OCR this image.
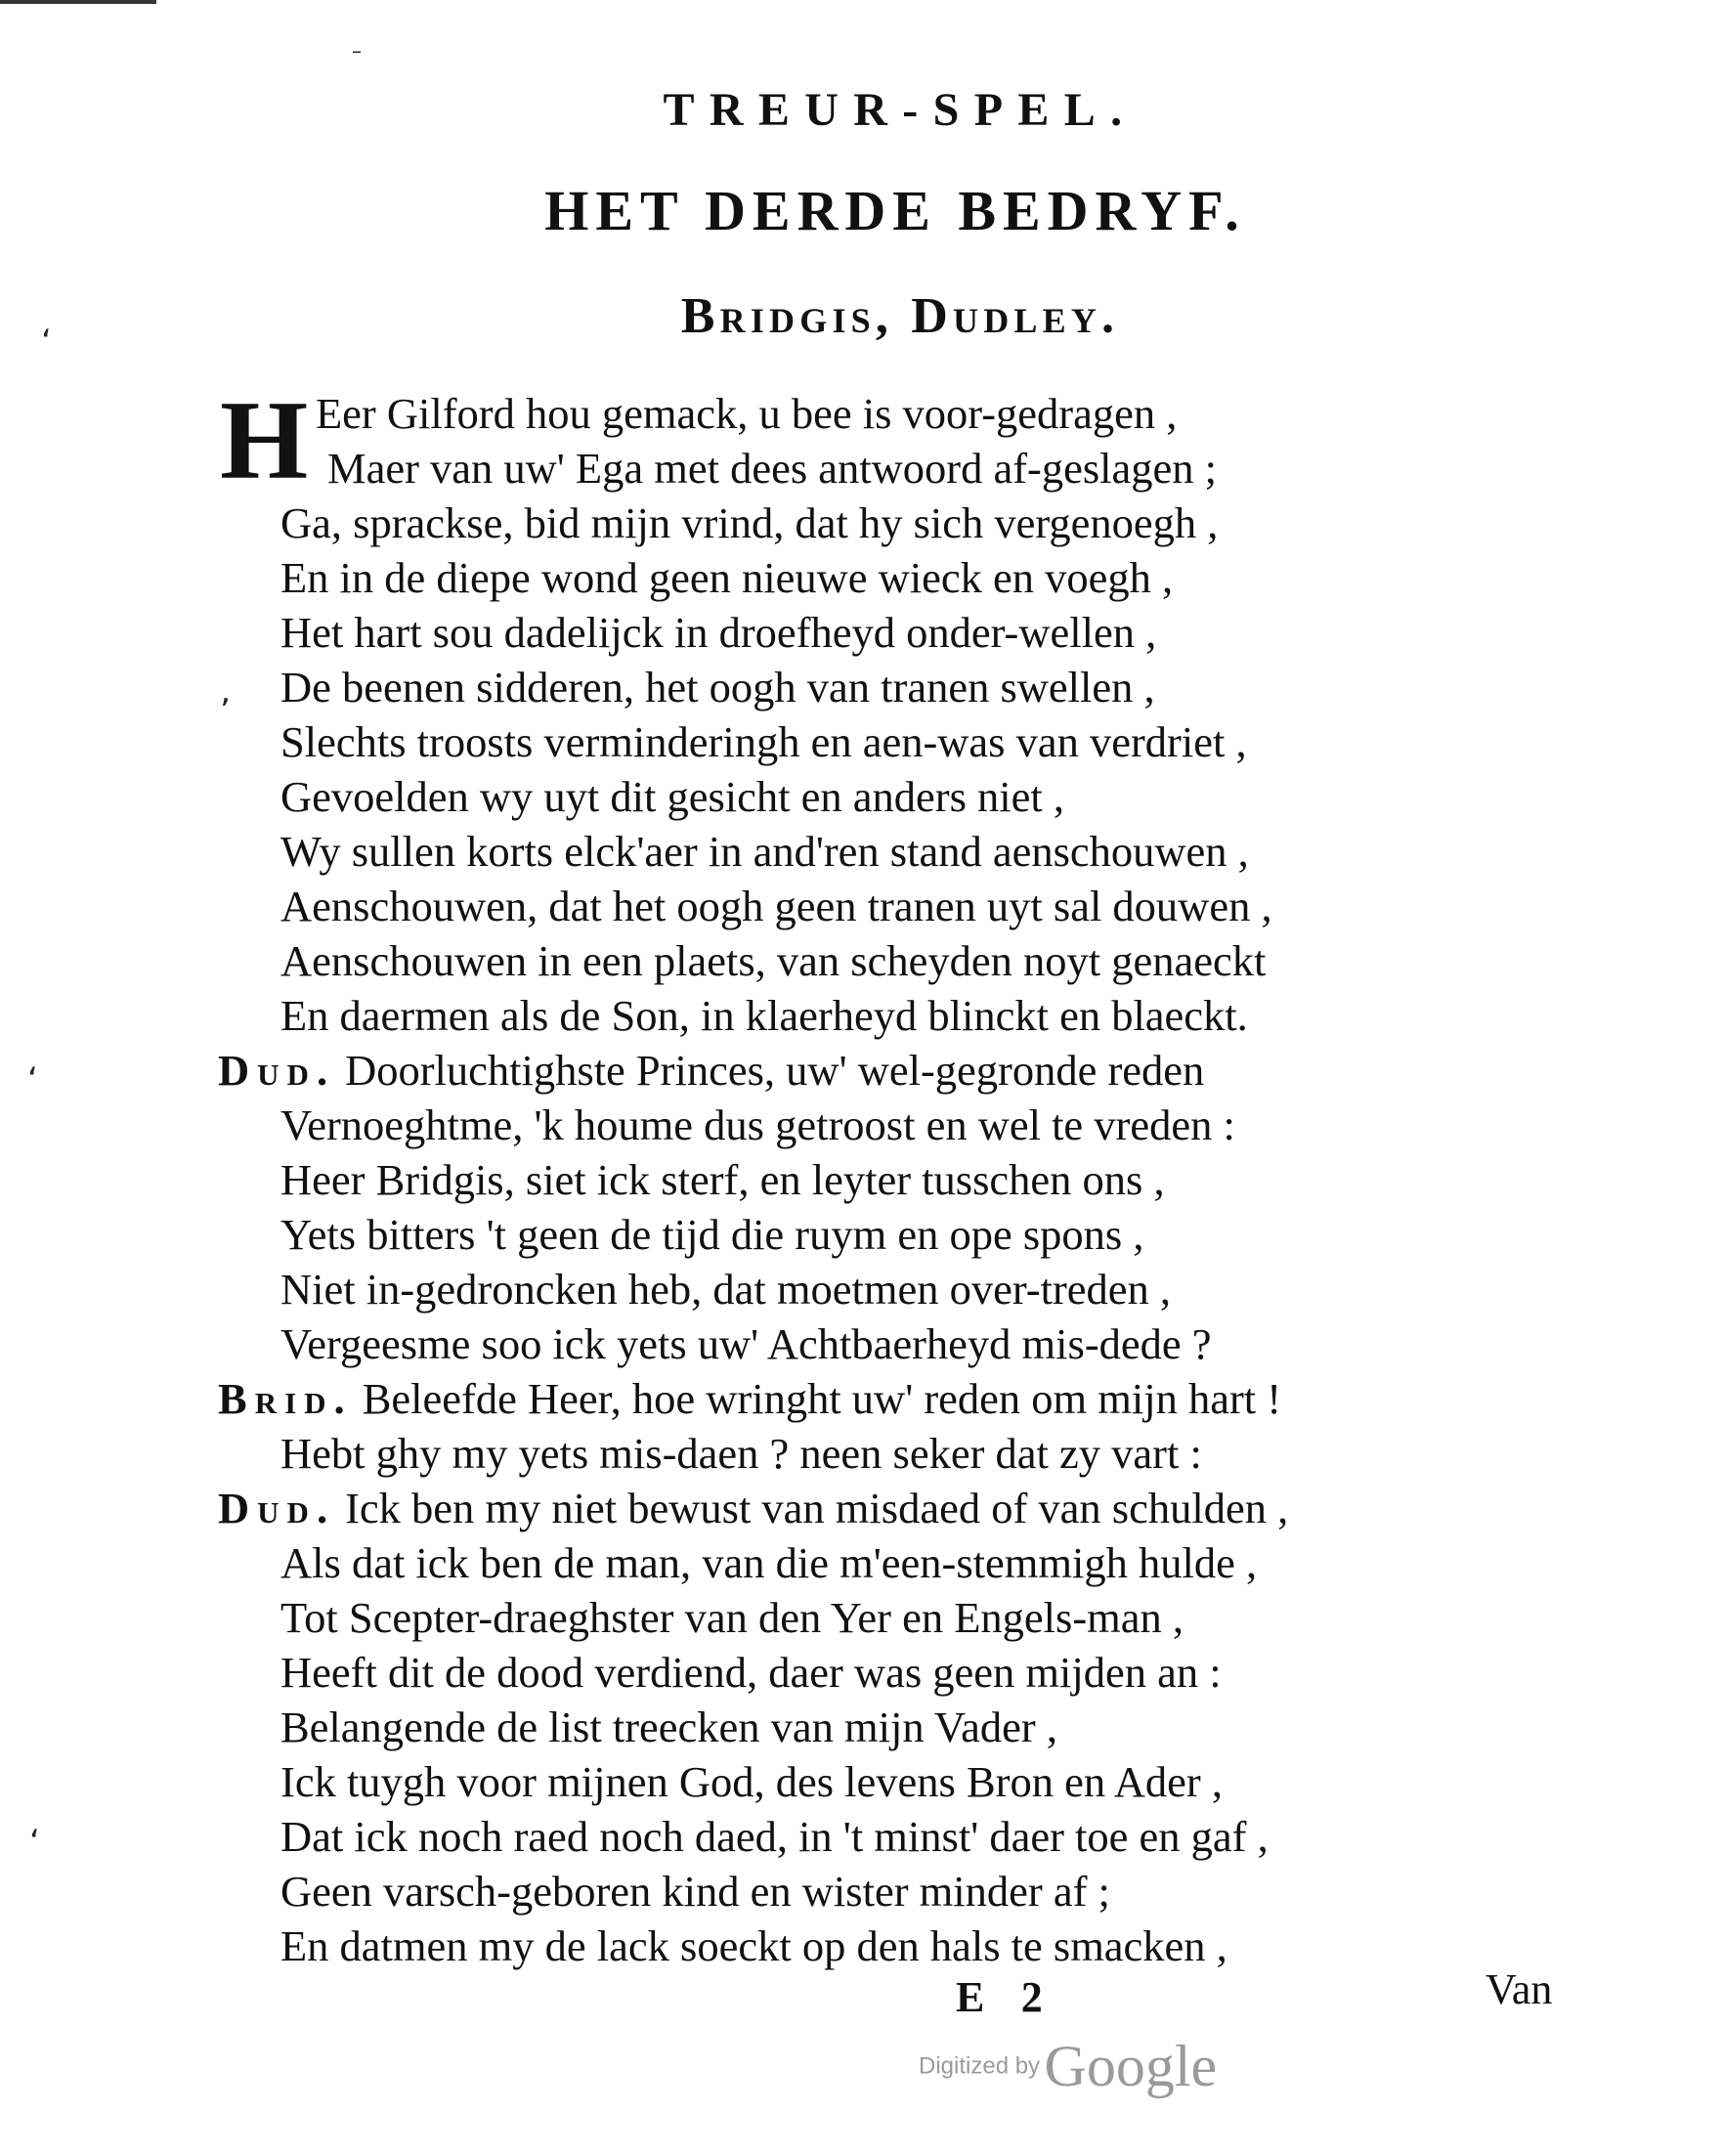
TREUR-SPEL.
HET DERDE BEDRYF.
Bridgis, Dudley.
H Eer Gilford hou gemack, u bee is voor-gedragen ,
Maer van uw' Ega met dees antwoord af-geslagen ;
Ga, sprackse, bid mijn vrind, dat hy sich vergenoegh ,
En in de diepe wond geen nieuwe wieck en voegh ,
Het hart sou dadelijck in droefheyd onder-wellen ,
De beenen sidderen, het oogh van tranen swellen ,
Slechts troosts verminderingh en aen-was van verdriet ,
Gevoelden wy uyt dit gesicht en anders niet ,
Wy sullen korts elck'aer in and'ren stand aenschouwen ,
Aenschouwen, dat het oogh geen tranen uyt sal douwen ,
Aenschouwen in een plaets, van scheyden noyt genaeckt
En daermen als de Son, in klaerheyd blinckt en blaeckt.
Dud. Doorluchtighste Princes, uw' wel-gegronde reden
Vernoeghtme, 'k houme dus getroost en wel te vreden :
Heer Bridgis, siet ick sterf, en leyter tusschen ons ,
Yets bitters 't geen de tijd die ruym en ope spons ,
Niet in-gedroncken heb, dat moetmen over-treden ,
Vergeesme soo ick yets uw' Achtbaerheyd mis-dede ?
Brid. Beleefde Heer, hoe wringht uw' reden om mijn hart !
Hebt ghy my yets mis-daen ? neen seker dat zy vart :
Dud. Ick ben my niet bewust van misdaed of van schulden ,
Als dat ick ben de man, van die m'een-stemmigh hulde ,
Tot Scepter-draeghster van den Yer en Engels-man ,
Heeft dit de dood verdiend, daer was geen mijden an :
Belangende de list treecken van mijn Vader ,
Ick tuygh voor mijnen God, des levens Bron en Ader ,
Dat ick noch raed noch daed, in 't minst' daer toe en gaf ,
Geen varsch-geboren kind en wister minder af ;
En datmen my de lack soeckt op den hals te smacken ,
E 2	Van
Digitized by Google
‘
’
‘
‘
–
